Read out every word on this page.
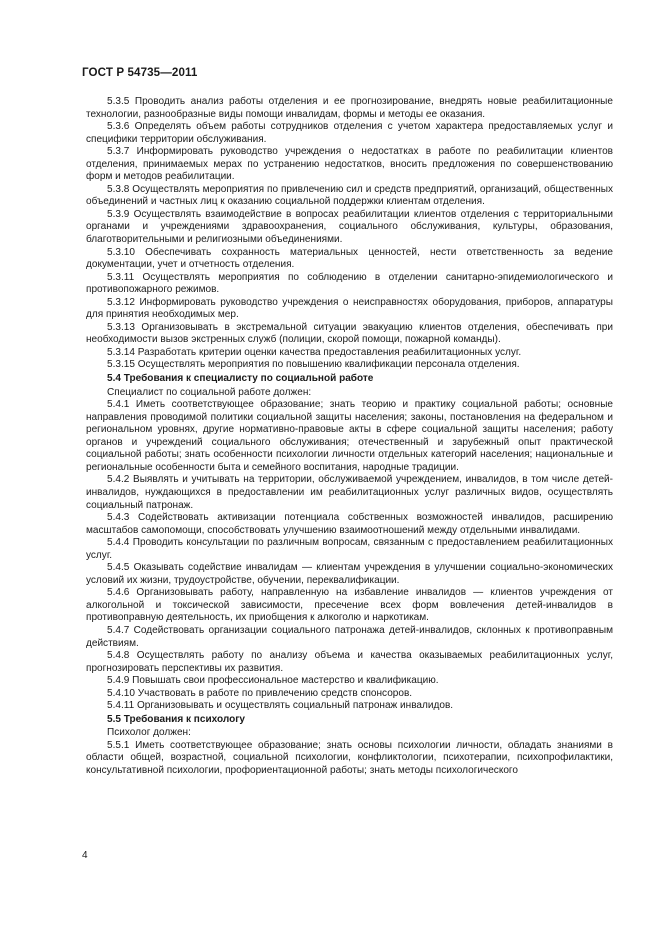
ГОСТ Р 54735—2011

5.3.5 Проводить анализ работы отделения и ее прогнозирование, внедрять новые реабилитационные технологии, разнообразные виды помощи инвалидам, формы и методы ее оказания.

5.3.6 Определять объем работы сотрудников отделения с учетом характера предоставляемых услуг и специфики территории обслуживания.

5.3.7 Информировать руководство учреждения о недостатках в работе по реабилитации клиентов отделения, принимаемых мерах по устранению недостатков, вносить предложения по совершенствованию форм и методов реабилитации.

5.3.8 Осуществлять мероприятия по привлечению сил и средств предприятий, организаций, общественных объединений и частных лиц к оказанию социальной поддержки клиентам отделения.

5.3.9 Осуществлять взаимодействие в вопросах реабилитации клиентов отделения с территориальными органами и учреждениями здравоохранения, социального обслуживания, культуры, образования, благотворительными и религиозными объединениями.

5.3.10 Обеспечивать сохранность материальных ценностей, нести ответственность за ведение документации, учет и отчетность отделения.

5.3.11 Осуществлять мероприятия по соблюдению в отделении санитарно-эпидемиологического и противопожарного режимов.

5.3.12 Информировать руководство учреждения о неисправностях оборудования, приборов, аппаратуры для принятия необходимых мер.

5.3.13 Организовывать в экстремальной ситуации эвакуацию клиентов отделения, обеспечивать при необходимости вызов экстренных служб (полиции, скорой помощи, пожарной команды).

5.3.14 Разработать критерии оценки качества предоставления реабилитационных услуг.

5.3.15 Осуществлять мероприятия по повышению квалификации персонала отделения.

5.4 Требования к специалисту по социальной работе

Специалист по социальной работе должен:

5.4.1 Иметь соответствующее образование; знать теорию и практику социальной работы; основные направления проводимой политики социальной защиты населения; законы, постановления на федеральном и региональном уровнях, другие нормативно-правовые акты в сфере социальной защиты населения; работу органов и учреждений социального обслуживания; отечественный и зарубежный опыт практической социальной работы; знать особенности психологии личности отдельных категорий населения; национальные и региональные особенности быта и семейного воспитания, народные традиции.

5.4.2 Выявлять и учитывать на территории, обслуживаемой учреждением, инвалидов, в том числе детей-инвалидов, нуждающихся в предоставлении им реабилитационных услуг различных видов, осуществлять социальный патронаж.

5.4.3 Содействовать активизации потенциала собственных возможностей инвалидов, расширению масштабов самопомощи, способствовать улучшению взаимоотношений между отдельными инвалидами.

5.4.4 Проводить консультации по различным вопросам, связанным с предоставлением реабилитационных услуг.

5.4.5 Оказывать содействие инвалидам — клиентам учреждения в улучшении социально-экономических условий их жизни, трудоустройстве, обучении, переквалификации.

5.4.6 Организовывать работу, направленную на избавление инвалидов — клиентов учреждения от алкогольной и токсической зависимости, пресечение всех форм вовлечения детей-инвалидов в противоправную деятельность, их приобщения к алкоголю и наркотикам.

5.4.7 Содействовать организации социального патронажа детей-инвалидов, склонных к противоправным действиям.

5.4.8 Осуществлять работу по анализу объема и качества оказываемых реабилитационных услуг, прогнозировать перспективы их развития.

5.4.9 Повышать свои профессиональное мастерство и квалификацию.

5.4.10 Участвовать в работе по привлечению средств спонсоров.

5.4.11 Организовывать и осуществлять социальный патронаж инвалидов.

5.5 Требования к психологу

Психолог должен:

5.5.1 Иметь соответствующее образование; знать основы психологии личности, обладать знаниями в области общей, возрастной, социальной психологии, конфликтологии, психотерапии, психопрофилактики, консультативной психологии, профориентационной работы; знать методы психологического

4
